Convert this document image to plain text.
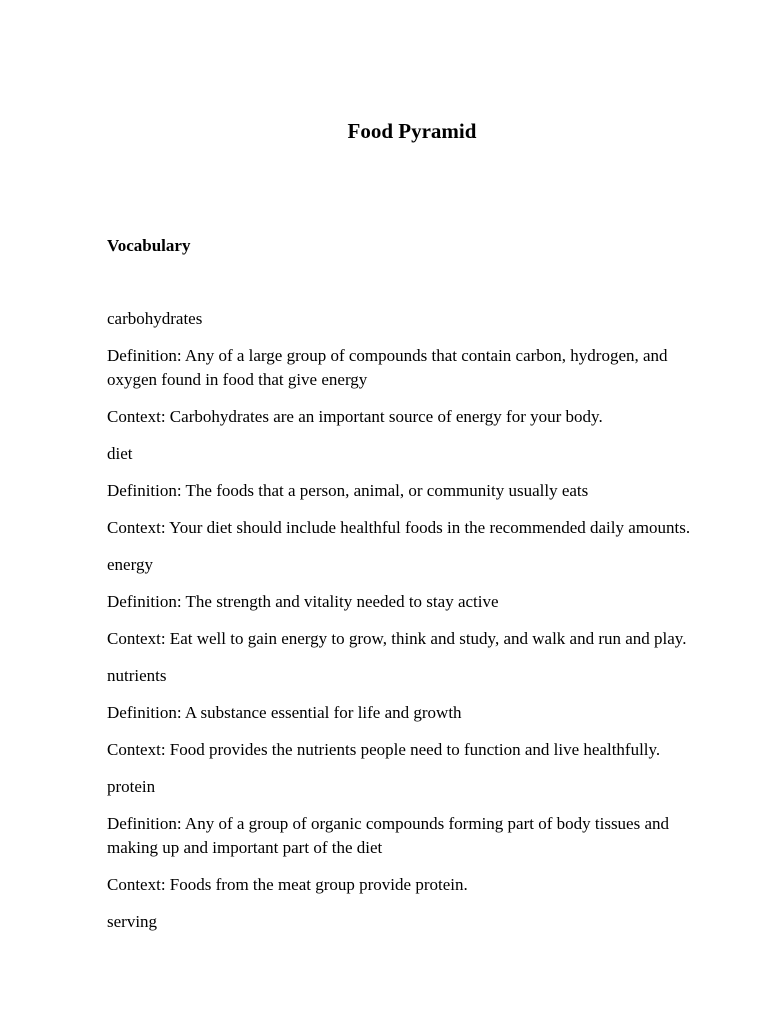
Food Pyramid
Vocabulary

carbohydrates

Definition: Any of a large group of compounds that contain carbon, hydrogen, and oxygen found in food that give energy

Context: Carbohydrates are an important source of energy for your body.

diet

Definition: The foods that a person, animal, or community usually eats

Context: Your diet should include healthful foods in the recommended daily amounts.

energy

Definition: The strength and vitality needed to stay active

Context: Eat well to gain energy to grow, think and study, and walk and run and play.

nutrients

Definition: A substance essential for life and growth

Context: Food provides the nutrients people need to function and live healthfully.

protein

Definition: Any of a group of organic compounds forming part of body tissues and making up and important part of the diet

Context: Foods from the meat group provide protein.

serving
